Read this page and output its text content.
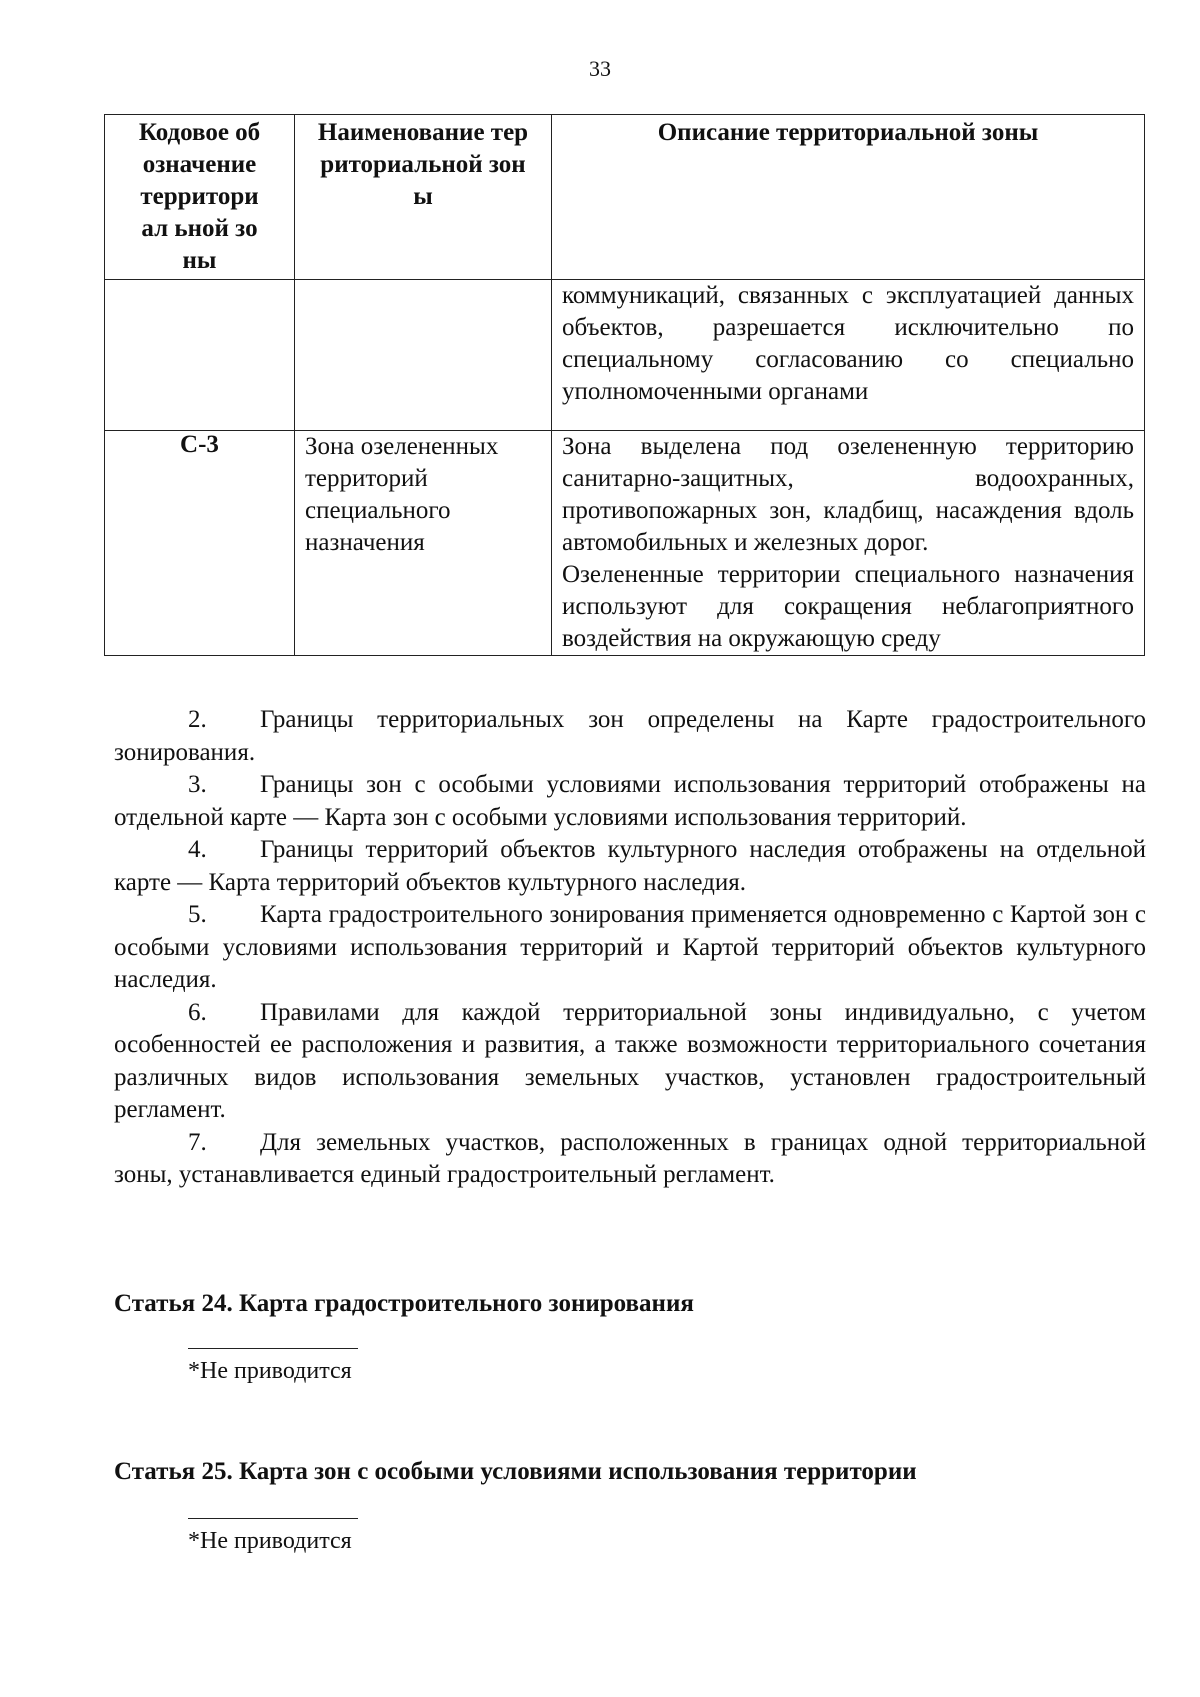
33
Кодовое обозначение территориал ьной зоны	Наименование территориальной зоны	Описание территориальной зоны

		коммуникаций, связанных с эксплуатацией данных объектов, разрешается исключительно по специальному согласованию со специально уполномоченными органами

С-3	Зона озелененных территорий специального назначения	Зона выделена под озелененную территорию санитарно-защитных, водоохранных, противопожарных зон, кладбищ, насаждения вдоль автомобильных и железных дорог.
Озелененные территории специального назначения используют для сокращения неблагоприятного воздействия на окружающую среду

2. Границы территориальных зон определены на Карте градостроительного зонирования.

3. Границы зон с особыми условиями использования территорий отображены на отдельной карте — Карта зон с особыми условиями использования территорий.

4. Границы территорий объектов культурного наследия отображены на отдельной карте — Карта территорий объектов культурного наследия.

5. Карта градостроительного зонирования применяется одновременно с Картой зон с особыми условиями использования территорий и Картой территорий объектов культурного наследия.

6. Правилами для каждой территориальной зоны индивидуально, с учетом особенностей ее расположения и развития, а также возможности территориального сочетания различных видов использования земельных участков, установлен градостроительный регламент.

7. Для земельных участков, расположенных в границах одной территориальной зоны, устанавливается единый градостроительный регламент.

Статья 24. Карта градостроительного зонирования
*Не приводится
Статья 25. Карта зон с особыми условиями использования территории
*Не приводится
